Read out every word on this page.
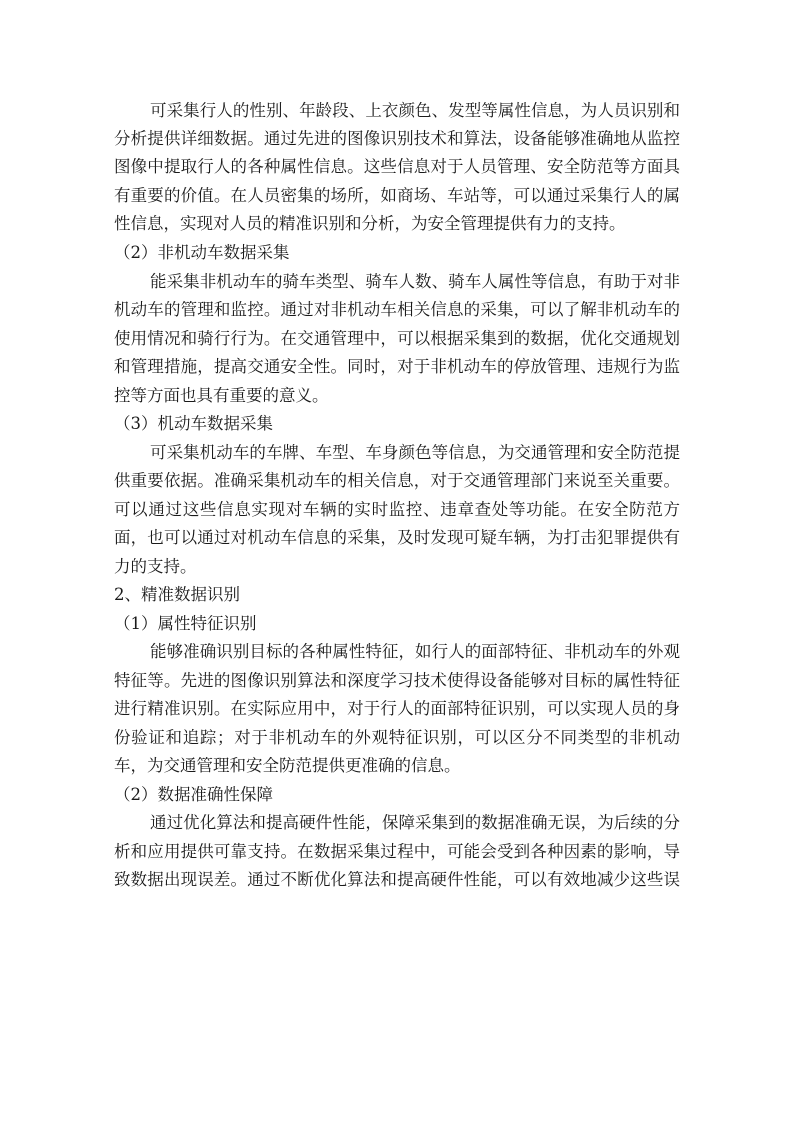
可采集行人的性别、年龄段、上衣颜色、发型等属性信息，为人员识别和
分析提供详细数据。通过先进的图像识别技术和算法，设备能够准确地从监控
图像中提取行人的各种属性信息。这些信息对于人员管理、安全防范等方面具
有重要的价值。在人员密集的场所，如商场、车站等，可以通过采集行人的属
性信息，实现对人员的精准识别和分析，为安全管理提供有力的支持。
（2）非机动车数据采集
能采集非机动车的骑车类型、骑车人数、骑车人属性等信息，有助于对非
机动车的管理和监控。通过对非机动车相关信息的采集，可以了解非机动车的
使用情况和骑行行为。在交通管理中，可以根据采集到的数据，优化交通规划
和管理措施，提高交通安全性。同时，对于非机动车的停放管理、违规行为监
控等方面也具有重要的意义。
（3）机动车数据采集
可采集机动车的车牌、车型、车身颜色等信息，为交通管理和安全防范提
供重要依据。准确采集机动车的相关信息，对于交通管理部门来说至关重要。
可以通过这些信息实现对车辆的实时监控、违章查处等功能。在安全防范方
面，也可以通过对机动车信息的采集，及时发现可疑车辆，为打击犯罪提供有
力的支持。
2、精准数据识别
（1）属性特征识别
能够准确识别目标的各种属性特征，如行人的面部特征、非机动车的外观
特征等。先进的图像识别算法和深度学习技术使得设备能够对目标的属性特征
进行精准识别。在实际应用中，对于行人的面部特征识别，可以实现人员的身
份验证和追踪；对于非机动车的外观特征识别，可以区分不同类型的非机动
车，为交通管理和安全防范提供更准确的信息。
（2）数据准确性保障
通过优化算法和提高硬件性能，保障采集到的数据准确无误，为后续的分
析和应用提供可靠支持。在数据采集过程中，可能会受到各种因素的影响，导
致数据出现误差。通过不断优化算法和提高硬件性能，可以有效地减少这些误
